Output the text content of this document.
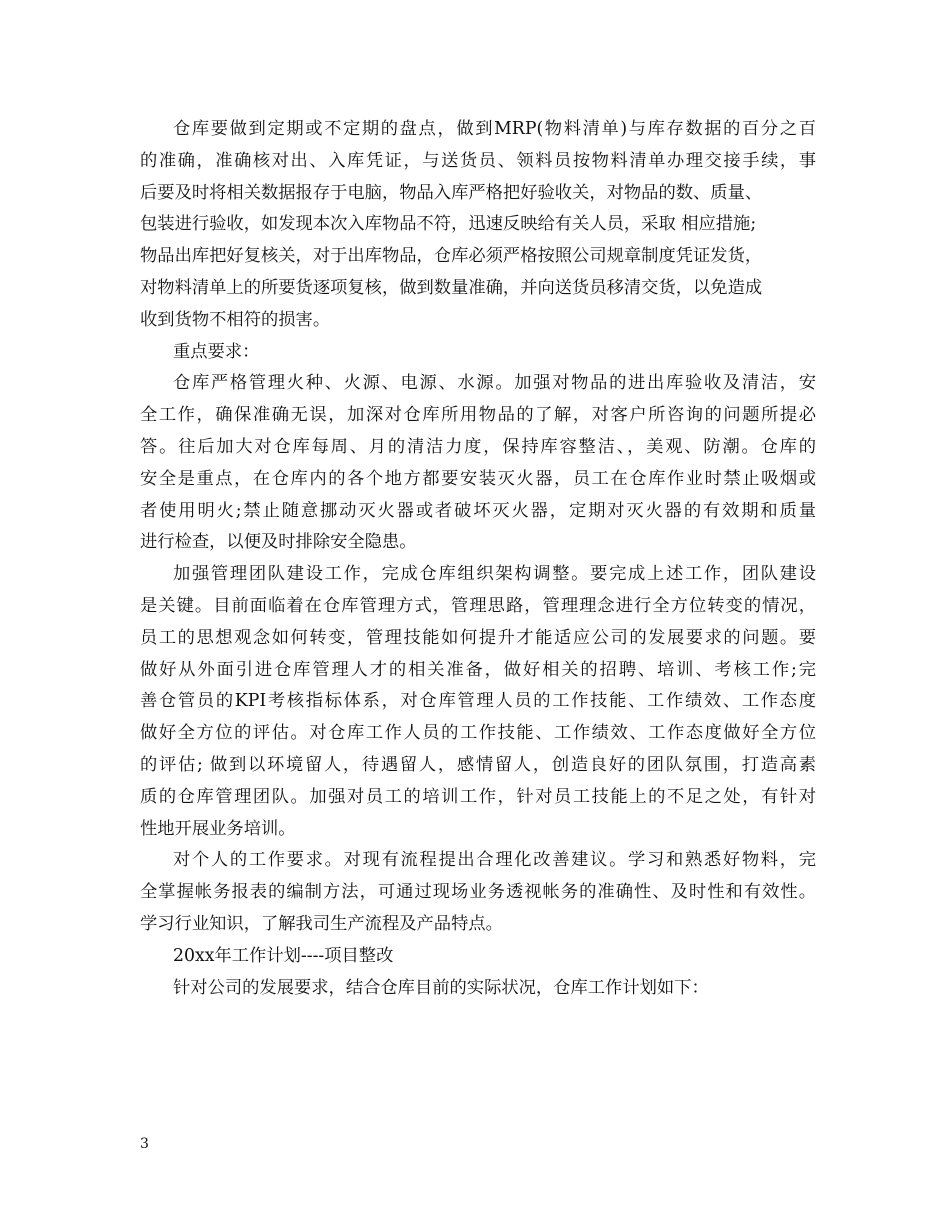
仓库要做到定期或不定期的盘点，做到MRP(物料清单)与库存数据的百分之百
的准确，准确核对出、入库凭证，与送货员、领料员按物料清单办理交接手续，事
后要及时将相关数据报存于电脑，物品入库严格把好验收关，对物品的数、质量、
包装进行验收，如发现本次入库物品不符，迅速反映给有关人员，采取 相应措施;
物品出库把好复核关，对于出库物品，仓库必须严格按照公司规章制度凭证发货，
对物料清单上的所要货逐项复核，做到数量准确，并向送货员移清交货，以免造成
收到货物不相符的损害。
重点要求：
仓库严格管理火种、火源、电源、水源。加强对物品的进出库验收及清洁，安
全工作，确保准确无误，加深对仓库所用物品的了解，对客户所咨询的问题所提必
答。往后加大对仓库每周、月的清洁力度，保持库容整洁、，美观、防潮。仓库的
安全是重点，在仓库内的各个地方都要安装灭火器，员工在仓库作业时禁止吸烟或
者使用明火;禁止随意挪动灭火器或者破坏灭火器，定期对灭火器的有效期和质量
进行检查，以便及时排除安全隐患。
加强管理团队建设工作，完成仓库组织架构调整。要完成上述工作，团队建设
是关键。目前面临着在仓库管理方式，管理思路，管理理念进行全方位转变的情况，
员工的思想观念如何转变，管理技能如何提升才能适应公司的发展要求的问题。要
做好从外面引进仓库管理人才的相关准备，做好相关的招聘、培训、考核工作;完
善仓管员的KPI考核指标体系，对仓库管理人员的工作技能、工作绩效、工作态度
做好全方位的评估。对仓库工作人员的工作技能、工作绩效、工作态度做好全方位
的评估; 做到以环境留人，待遇留人，感情留人，创造良好的团队氛围，打造高素
质的仓库管理团队。加强对员工的培训工作，针对员工技能上的不足之处，有针对
性地开展业务培训。
对个人的工作要求。对现有流程提出合理化改善建议。学习和熟悉好物料，完
全掌握帐务报表的编制方法，可通过现场业务透视帐务的准确性、及时性和有效性。
学习行业知识，了解我司生产流程及产品特点。
20xx年工作计划----项目整改
针对公司的发展要求，结合仓库目前的实际状况，仓库工作计划如下：
3
